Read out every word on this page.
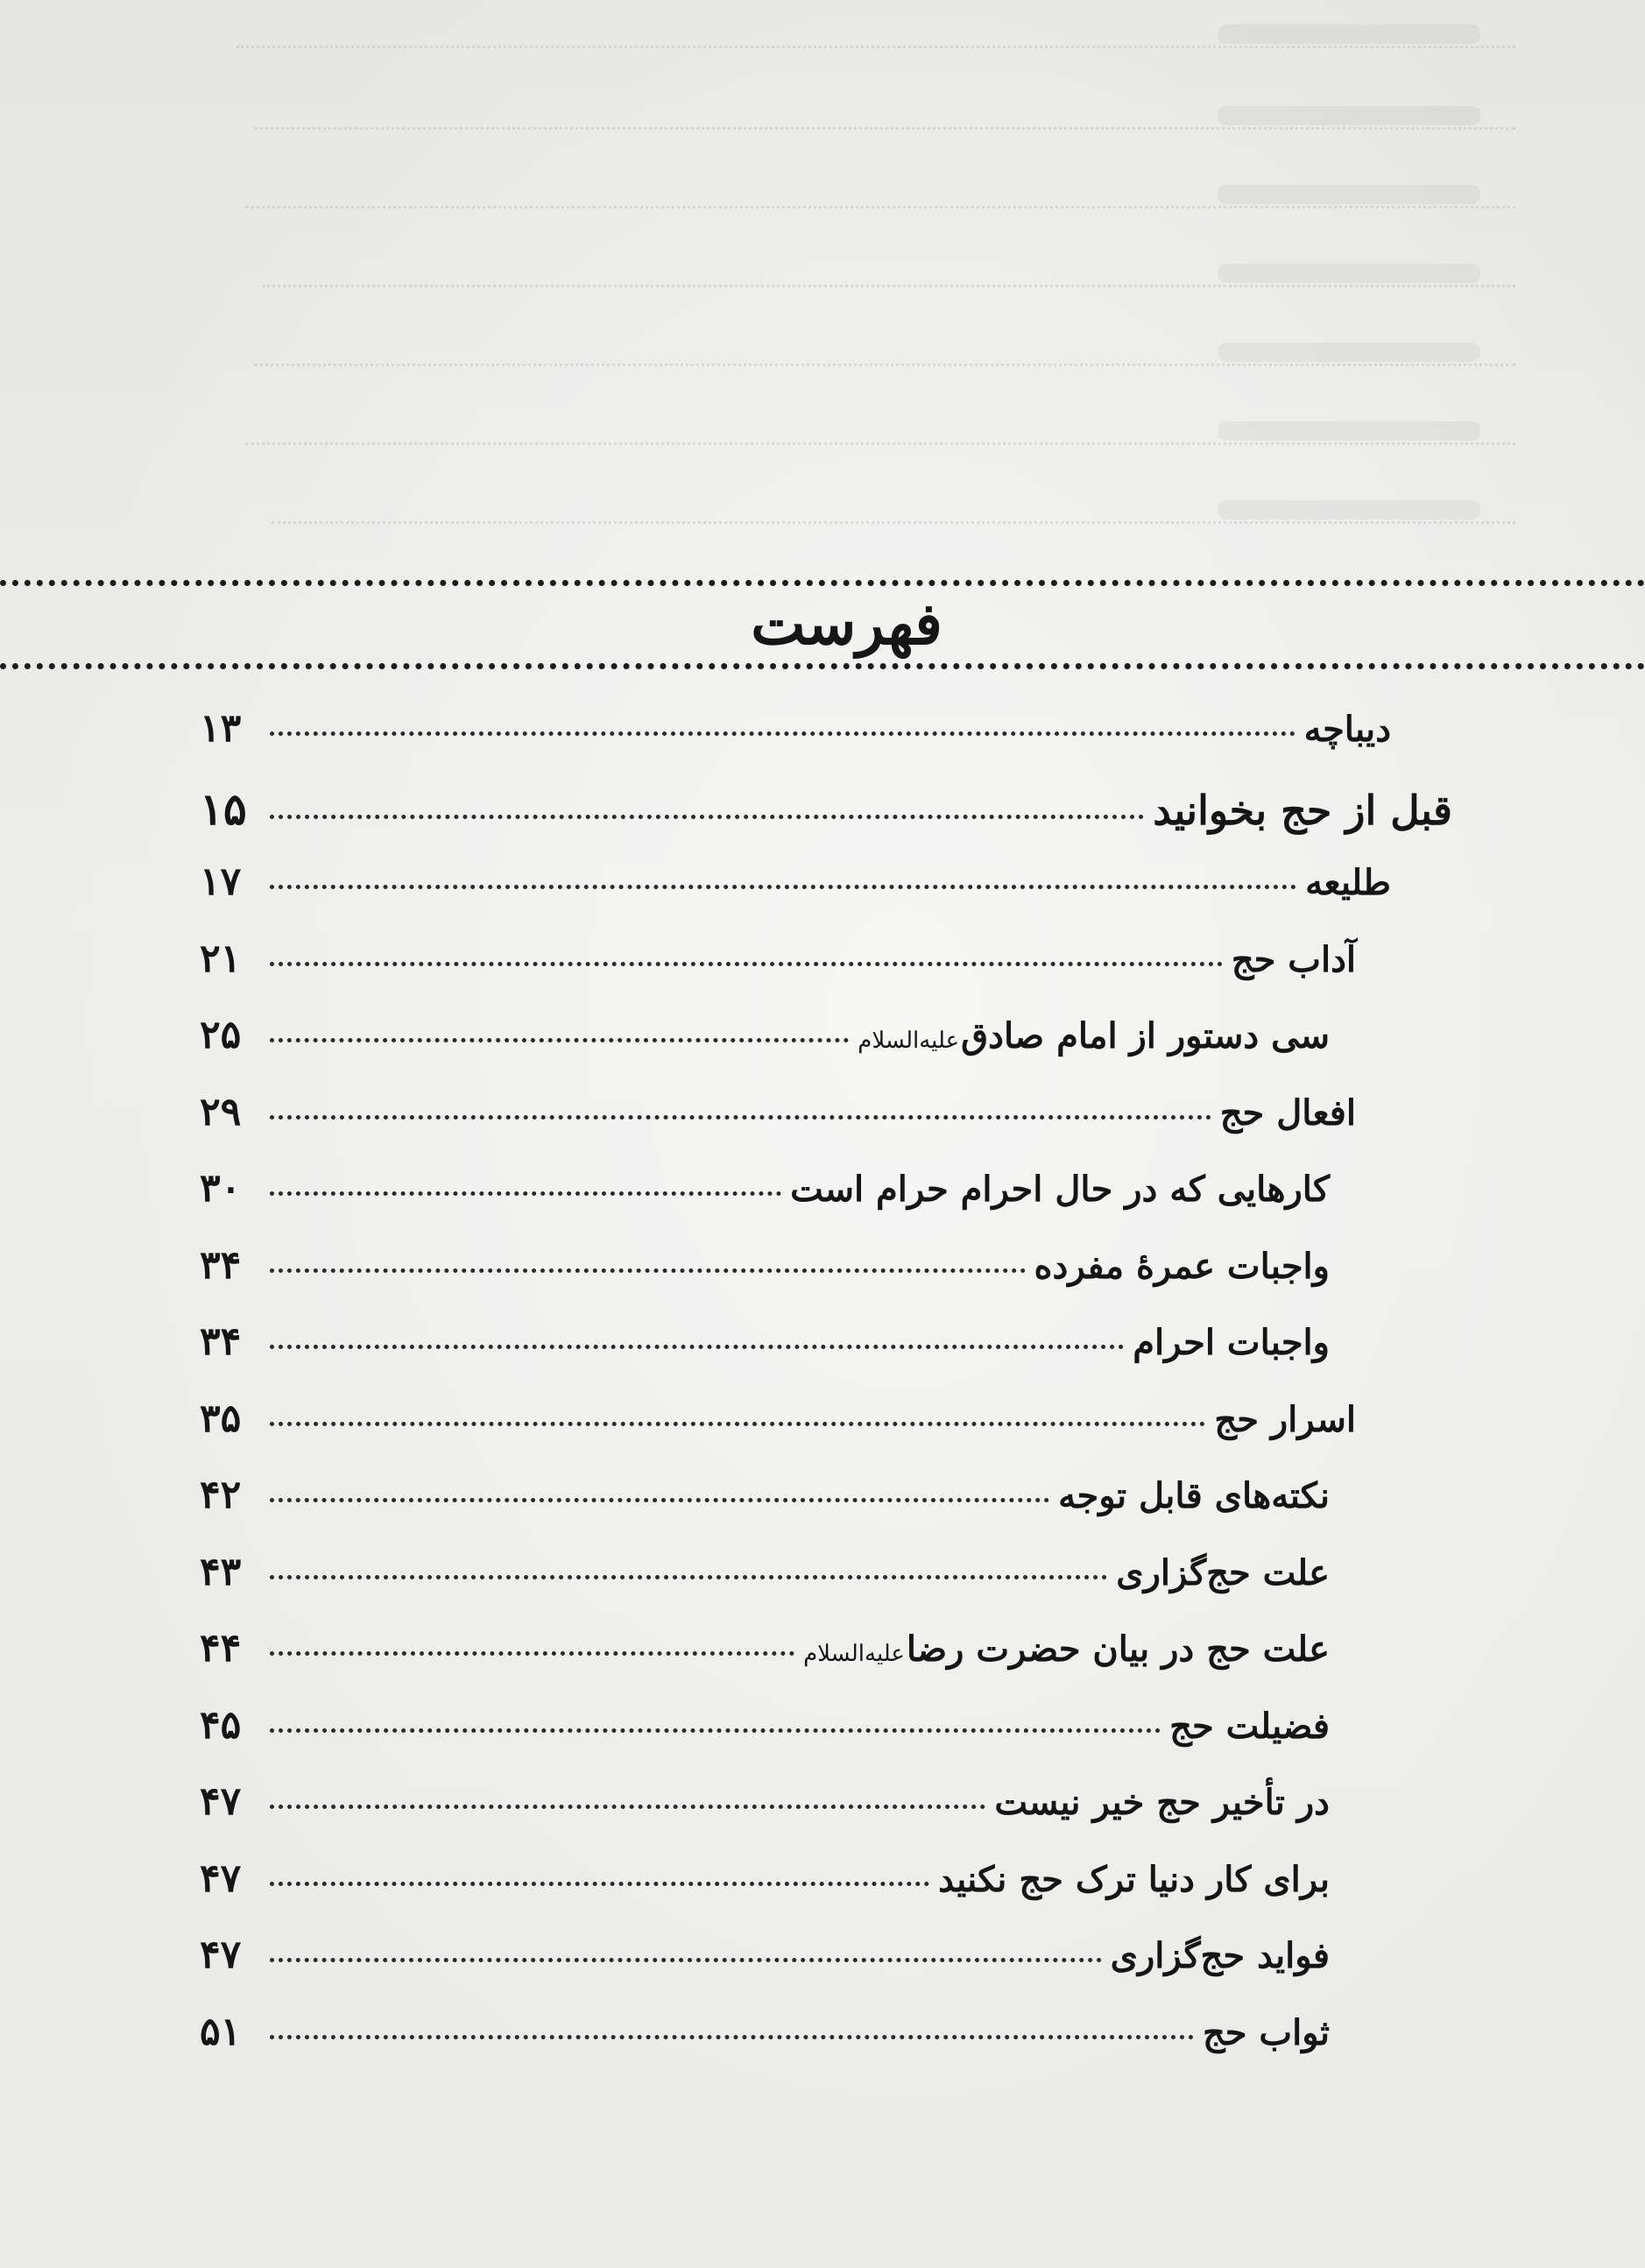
فهرست
دیباچه
۱۳
قبل از حج بخوانید
۱۵
طلیعه
۱۷
آداب حج
۲۱
سی دستور از امام صادق
علیه‌السلام
۲۵
افعال حج
۲۹
کارهایی که در حال احرام حرام است
۳۰
واجبات عمرهٔ مفرده
۳۴
واجبات احرام
۳۴
اسرار حج
۳۵
نکته‌های قابل توجه
۴۲
علت حج‌گزاری
۴۳
علت حج در بیان حضرت رضا
علیه‌السلام
۴۴
فضیلت حج
۴۵
در تأخیر حج خیر نیست
۴۷
برای کار دنیا ترک حج نکنید
۴۷
فواید حج‌گزاری
۴۷
ثواب حج
۵۱
